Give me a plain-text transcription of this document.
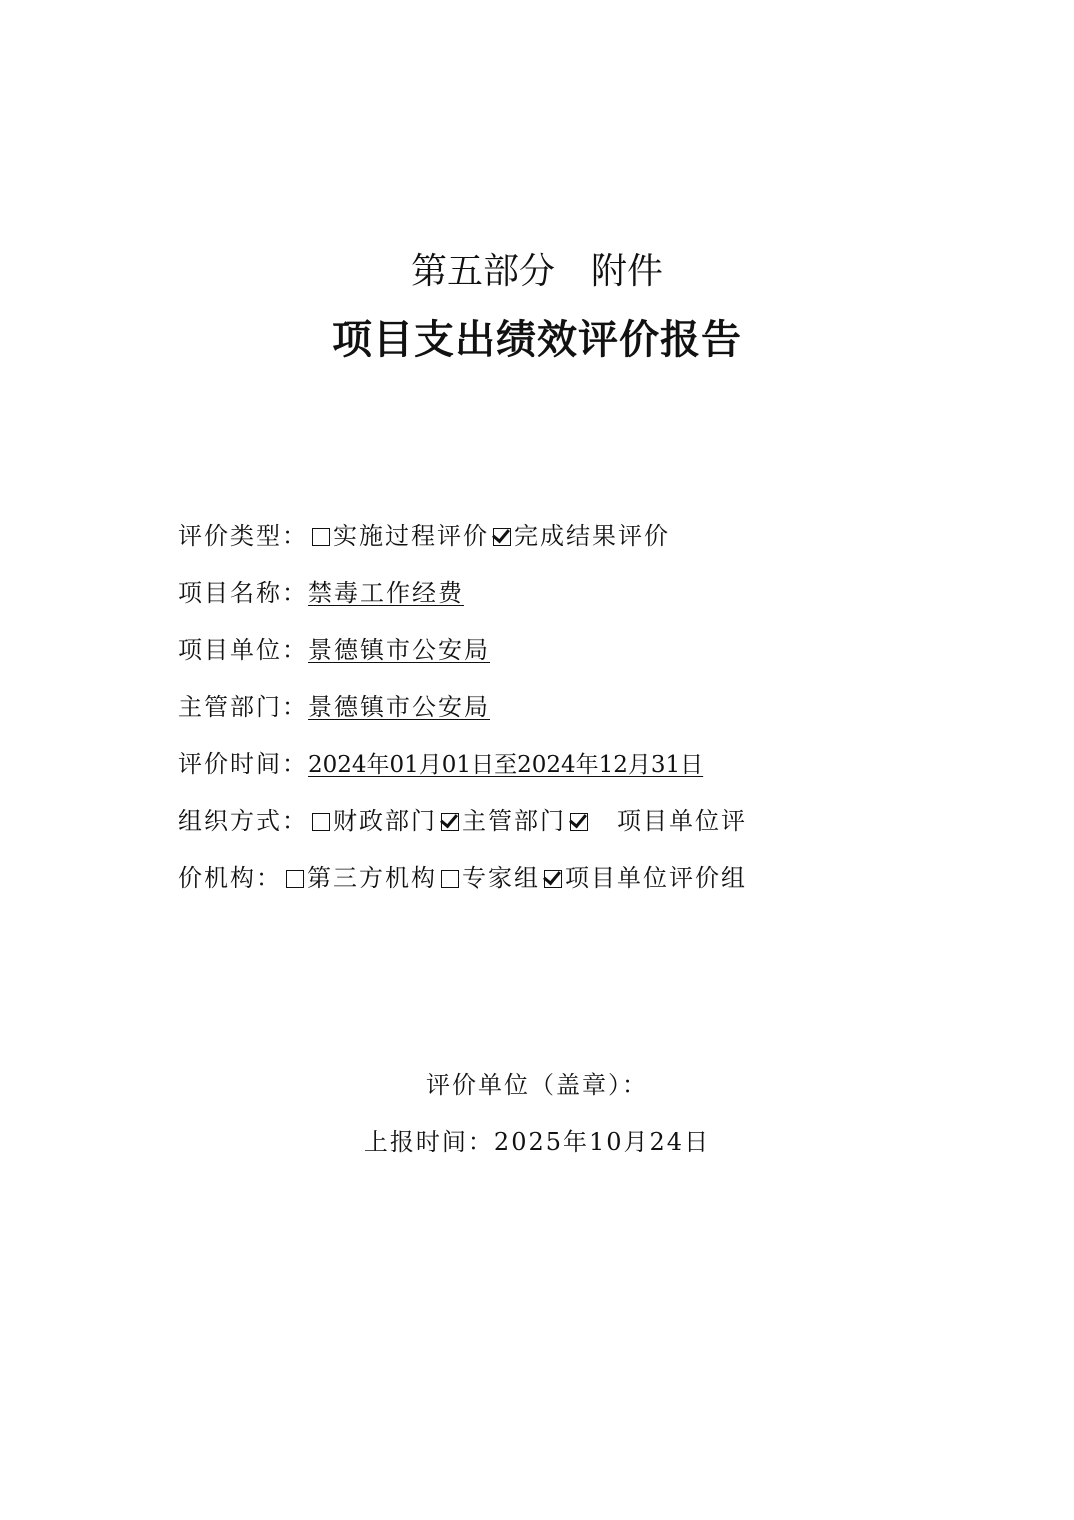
第五部分　附件
项目支出绩效评价报告
评价类型： 实施过程评价 完成结果评价
项目名称：禁毒工作经费
项目单位：景德镇市公安局
主管部门：景德镇市公安局
评价时间：2024年01月01日至2024年12月31日
组织方式： 财政部门 主管部门 项目单位评
价机构： 第三方机构 专家组 项目单位评价组
评价单位（盖章）：
上报时间：2025年10月24日
